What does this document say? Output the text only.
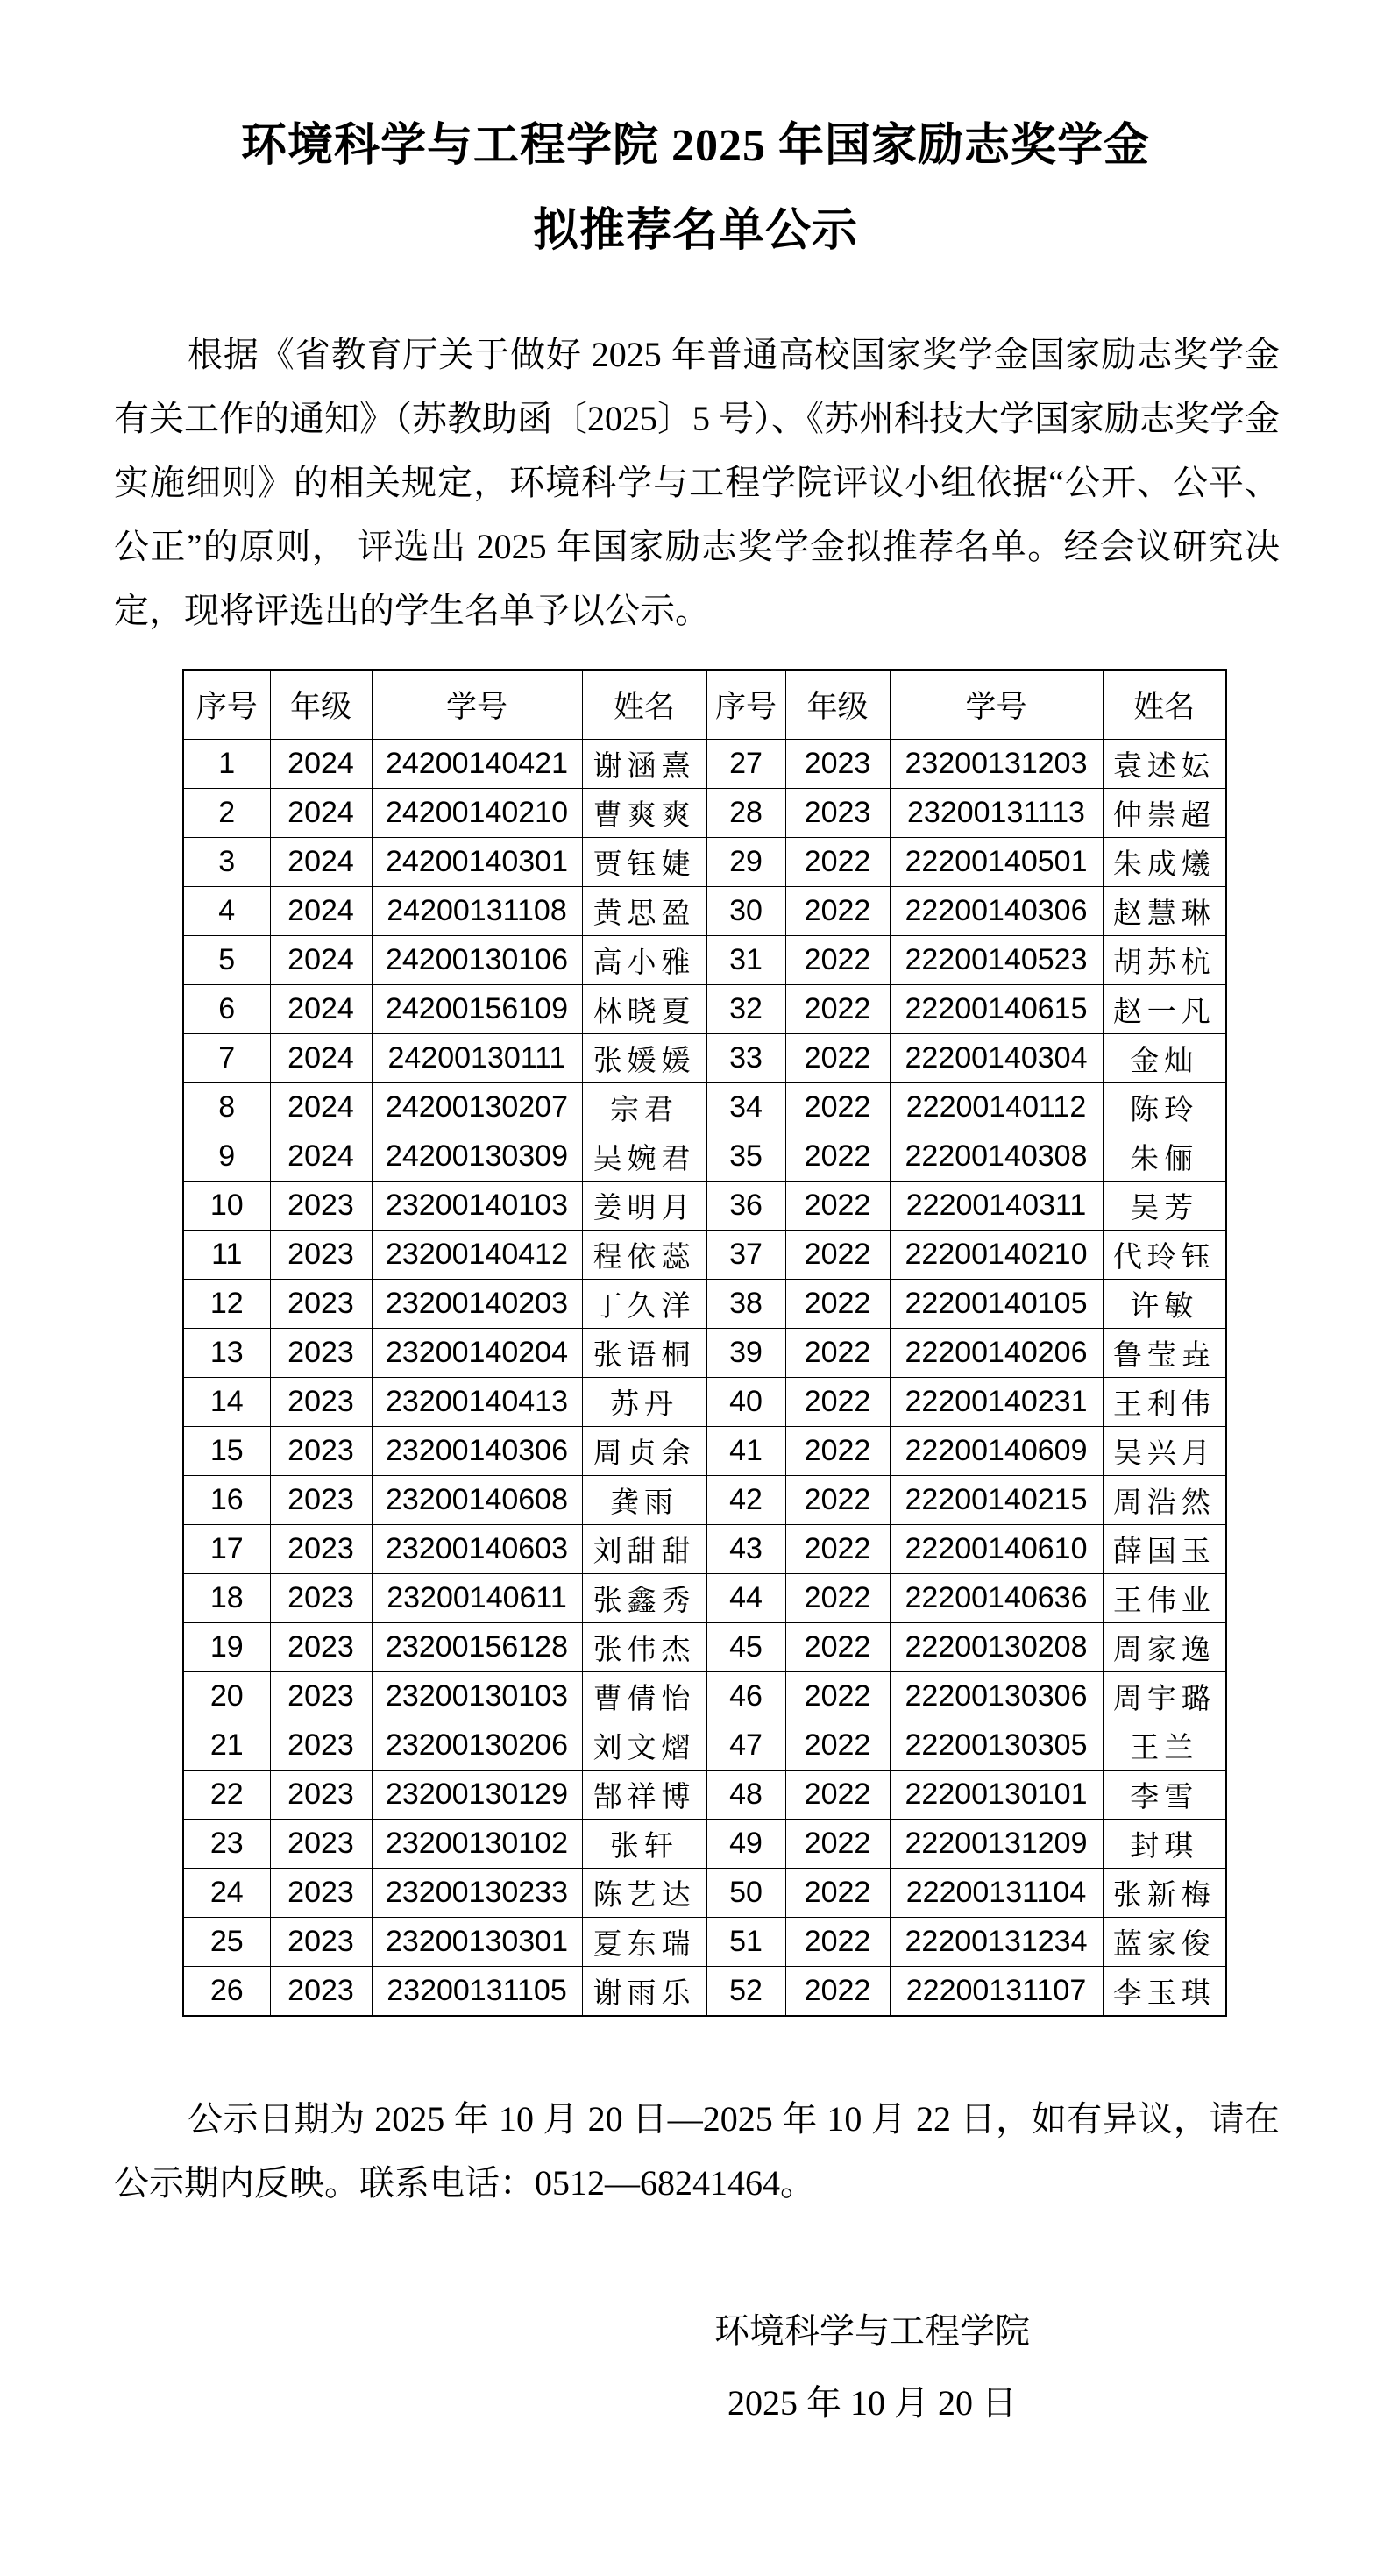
环境科学与工程学院 2025 年国家励志奖学金
拟推荐名单公示

根据《省教育厅关于做好 2025 年普通高校国家奖学金国家励志奖学金有关工作的通知》（苏教助函〔2025〕5 号）、《苏州科技大学国家励志奖学金实施细则》的相关规定，环境科学与工程学院评议小组依据“公开、公平、公正”的原则， 评选出 2025 年国家励志奖学金拟推荐名单。经会议研究决定，现将评选出的学生名单予以公示。

序号	年级	学号	姓名	序号	年级	学号	姓名
1	2024	24200140421	谢涵熹	27	2023	23200131203	袁述妘
2	2024	24200140210	曹爽爽	28	2023	23200131113	仲崇超
3	2024	24200140301	贾钰婕	29	2022	22200140501	朱成爔
4	2024	24200131108	黄思盈	30	2022	22200140306	赵慧琳
5	2024	24200130106	高小雅	31	2022	22200140523	胡苏杭
6	2024	24200156109	林晓夏	32	2022	22200140615	赵一凡
7	2024	24200130111	张媛媛	33	2022	22200140304	金灿
8	2024	24200130207	宗君	34	2022	22200140112	陈玲
9	2024	24200130309	吴婉君	35	2022	22200140308	朱俪
10	2023	23200140103	姜明月	36	2022	22200140311	吴芳
11	2023	23200140412	程依蕊	37	2022	22200140210	代玲钰
12	2023	23200140203	丁久洋	38	2022	22200140105	许敏
13	2023	23200140204	张语桐	39	2022	22200140206	鲁莹垚
14	2023	23200140413	苏丹	40	2022	22200140231	王利伟
15	2023	23200140306	周贞余	41	2022	22200140609	吴兴月
16	2023	23200140608	龚雨	42	2022	22200140215	周浩然
17	2023	23200140603	刘甜甜	43	2022	22200140610	薛国玉
18	2023	23200140611	张鑫秀	44	2022	22200140636	王伟业
19	2023	23200156128	张伟杰	45	2022	22200130208	周家逸
20	2023	23200130103	曹倩怡	46	2022	22200130306	周宇璐
21	2023	23200130206	刘文熠	47	2022	22200130305	王兰
22	2023	23200130129	郜祥博	48	2022	22200130101	李雪
23	2023	23200130102	张轩	49	2022	22200131209	封琪
24	2023	23200130233	陈艺达	50	2022	22200131104	张新梅
25	2023	23200130301	夏东瑞	51	2022	22200131234	蓝家俊
26	2023	23200131105	谢雨乐	52	2022	22200131107	李玉琪

公示日期为 2025 年 10 月 20 日—2025 年 10 月 22 日，如有异议，请在公示期内反映。联系电话：0512—68241464。

环境科学与工程学院
2025 年 10 月 20 日
